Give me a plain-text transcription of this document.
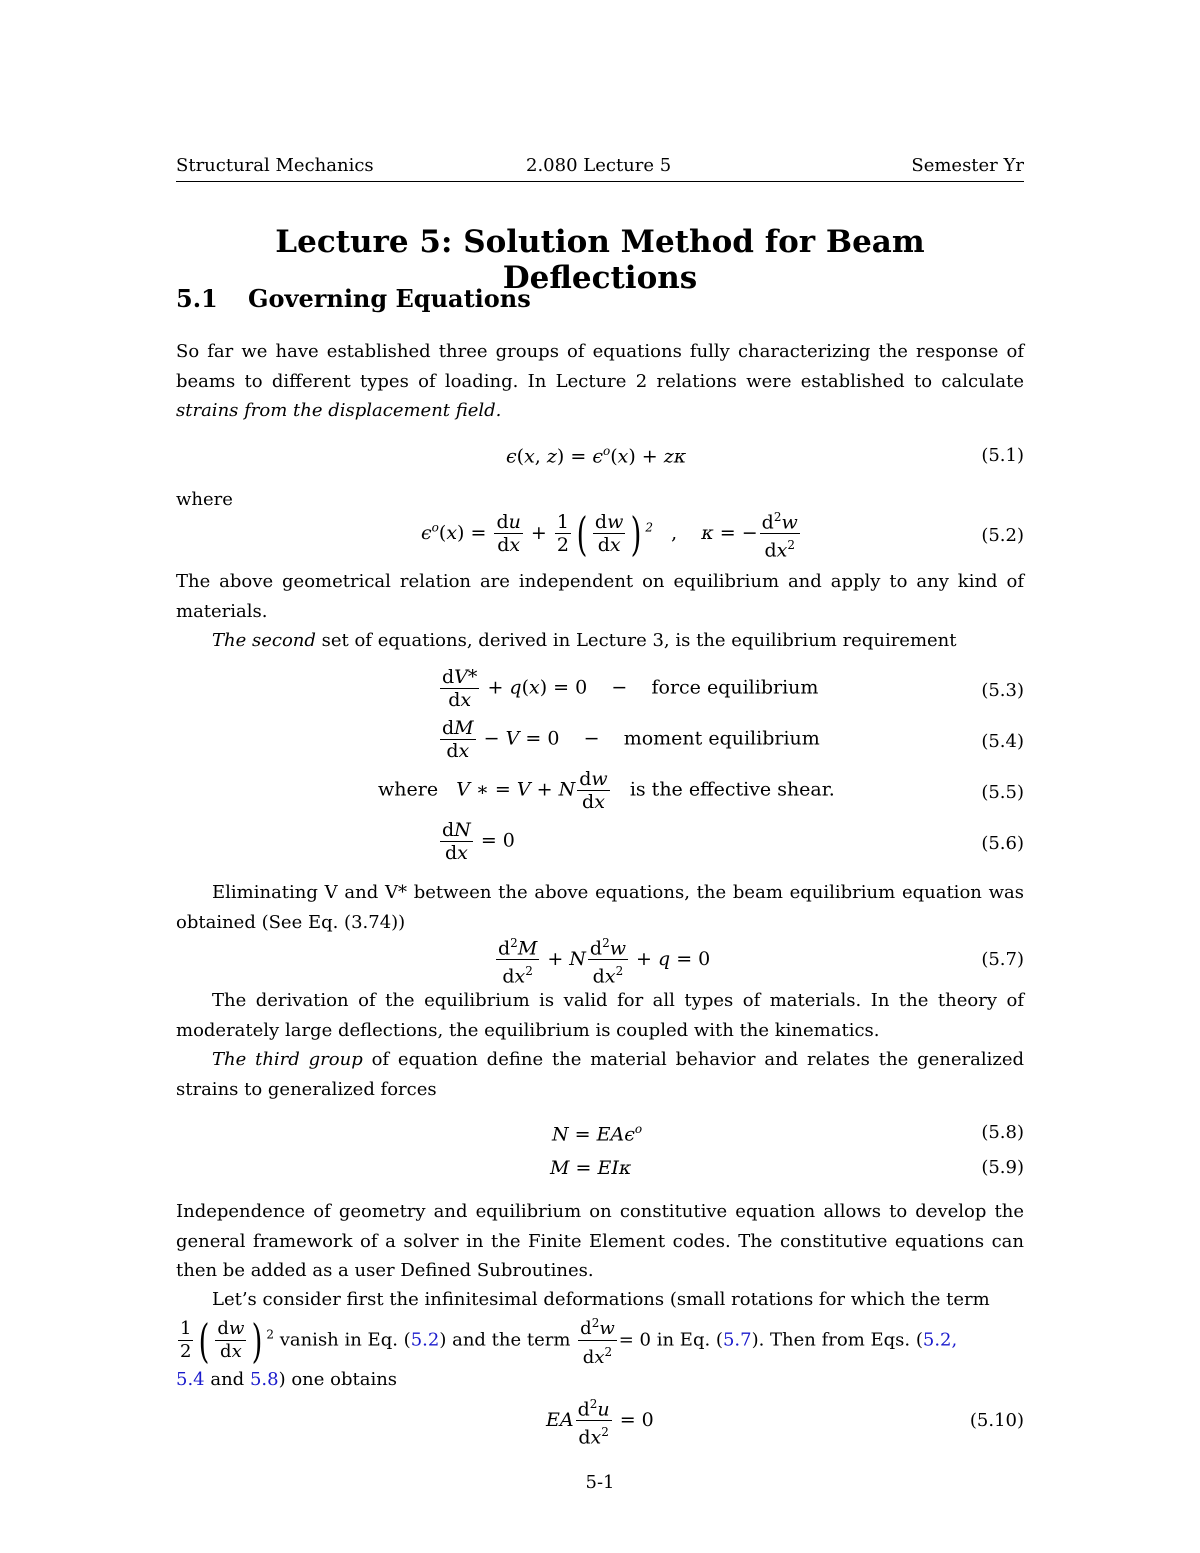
Structural Mechanics	2.080 Lecture 5	Semester Yr
Lecture 5: Solution Method for Beam Deflections
5.1 Governing Equations
So far we have established three groups of equations fully characterizing the response of beams to different types of loading. In Lecture 2 relations were established to calculate strains from the displacement field.
ϵ(x, $z) = \epsilon^o(x) + z\kappa$	(5.1)
where
$\epsilon^o(x) = \frac{du}{dx} + \frac{1}{2}$ ( $\frac{dw}{dx}$ ) $^2$   ,    κ = − $\frac{d^2w}{dx^2}$	(5.2)
The above geometrical relation are independent on equilibrium and apply to any kind of materials.
The second set of equations, derived in Lecture 3, is the equilibrium requirement
$\frac{dV*}{dx} + q(x) = 0$    −    force equilibrium	(5.3)
$\frac{dM}{dx} - V = 0$    −    moment equilibrium	(5.4)
where V ∗ = V + N $\frac{dw}{dx}$ is the effective shear.	(5.5)
$\frac{dN}{dx} = 0$	(5.6)
Eliminating V and V* between the above equations, the beam equilibrium equation was obtained (See Eq. (3.74))
$\frac{d^2M}{dx^2} + N \frac{d^2w}{dx^2} + q = 0$	(5.7)
The derivation of the equilibrium is valid for all types of materials. In the theory of moderately large deflections, the equilibrium is coupled with the kinematics.
The third group of equation define the material behavior and relates the generalized strains to generalized forces
N = EAϵ$^o$	(5.8)
M = EIκ	(5.9)
Independence of geometry and equilibrium on constitutive equation allows to develop the general framework of a solver in the Finite Element codes. The constitutive equations can then be added as a user Defined Subroutines.
Let’s consider first the infinitesimal deformations (small rotations for which the term
$\frac{1}{2}$ ( $\frac{dw}{dx}$ ) $^2$ vanish in Eq. (5.2) and the term $\frac{d^2w}{dx^2} = 0$ in Eq. (5.7). Then from Eqs. (5.2,
5.4 and 5.8) one obtains
EA $\frac{d^2u}{dx^2} = 0$	(5.10)
5-1
